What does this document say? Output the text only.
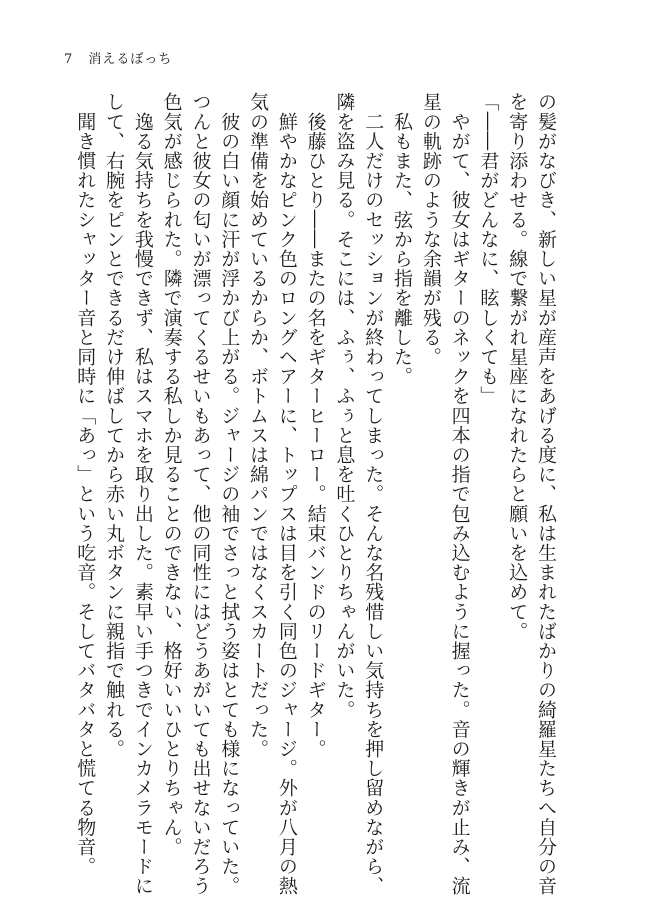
7 消えるぼっち
の髪がなびき、新しい星が産声をあげる度に、私は生まれたばかりの綺羅星たちへ自分の音
を寄り添わせる。線で繋がれ星座になれたらと願いを込めて。
「――君がどんなに、眩しくても」
　やがて、彼女はギターのネックを四本の指で包み込むように握った。音の輝きが止み、流
星の軌跡のような余韻が残る。
　私もまた、弦から指を離した。
　二人だけのセッションが終わってしまった。そんな名残惜しい気持ちを押し留めながら、
隣を盗み見る。そこには、ふぅ、ふぅと息を吐くひとりちゃんがいた。
　後藤ひとり――またの名をギターヒーロー。結束バンドのリードギター。
　鮮やかなピンク色のロングヘアーに、トップスは目を引く同色のジャージ。外が八月の熱
気の準備を始めているからか、ボトムスは綿パンではなくスカートだった。
　彼の白い顔に汗が浮かび上がる。ジャージの袖でさっと拭う姿はとても様になっていた。
つんと彼女の匂いが漂ってくるせいもあって、他の同性にはどうあがいても出せないだろう
色気が感じられた。隣で演奏する私しか見ることのできない、格好いいひとりちゃん。
　逸る気持ちを我慢できず、私はスマホを取り出した。素早い手つきでインカメラモードに
して、右腕をピンとできるだけ伸ばしてから赤い丸ボタンに親指で触れる。
　聞き慣れたシャッター音と同時に「あっ」という吃音。そしてバタバタと慌てる物音。
